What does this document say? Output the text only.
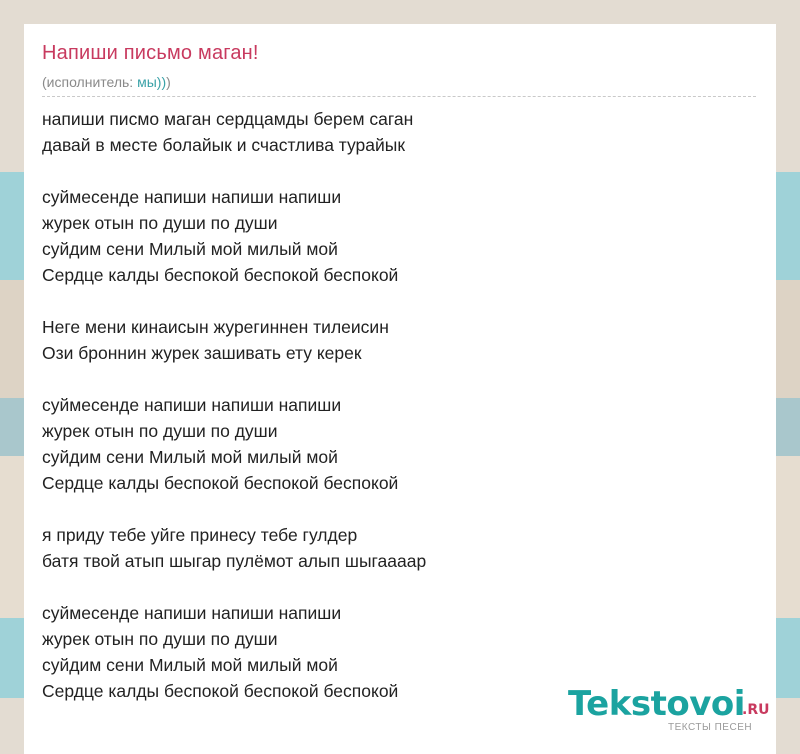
Напиши письмо маган!
(исполнитель: мы)))
напиши писмо маган сердцамды берем саган
давай в месте болайык и счастлива турайык
суймесенде напиши напиши напиши
журек отын по души по души
суйдим сени Милый мой милый мой
Сердце калды беспокой беспокой беспокой
Неге мени кинаисын журегиннен тилеисин
Ози броннин журек зашивать ету керек
суймесенде напиши напиши напиши
журек отын по души по души
суйдим сени Милый мой милый мой
Сердце калды беспокой беспокой беспокой
я приду тебе уйге принесу тебе гулдер
батя твой атып шыгар пулёмот алып шыгаааар
суймесенде напиши напиши напиши
журек отын по души по души
суйдим сени Милый мой милый мой
Сердце калды беспокой беспокой беспокой	Tekstovoi
.RU
ТЕКСТЫ ПЕСЕН
